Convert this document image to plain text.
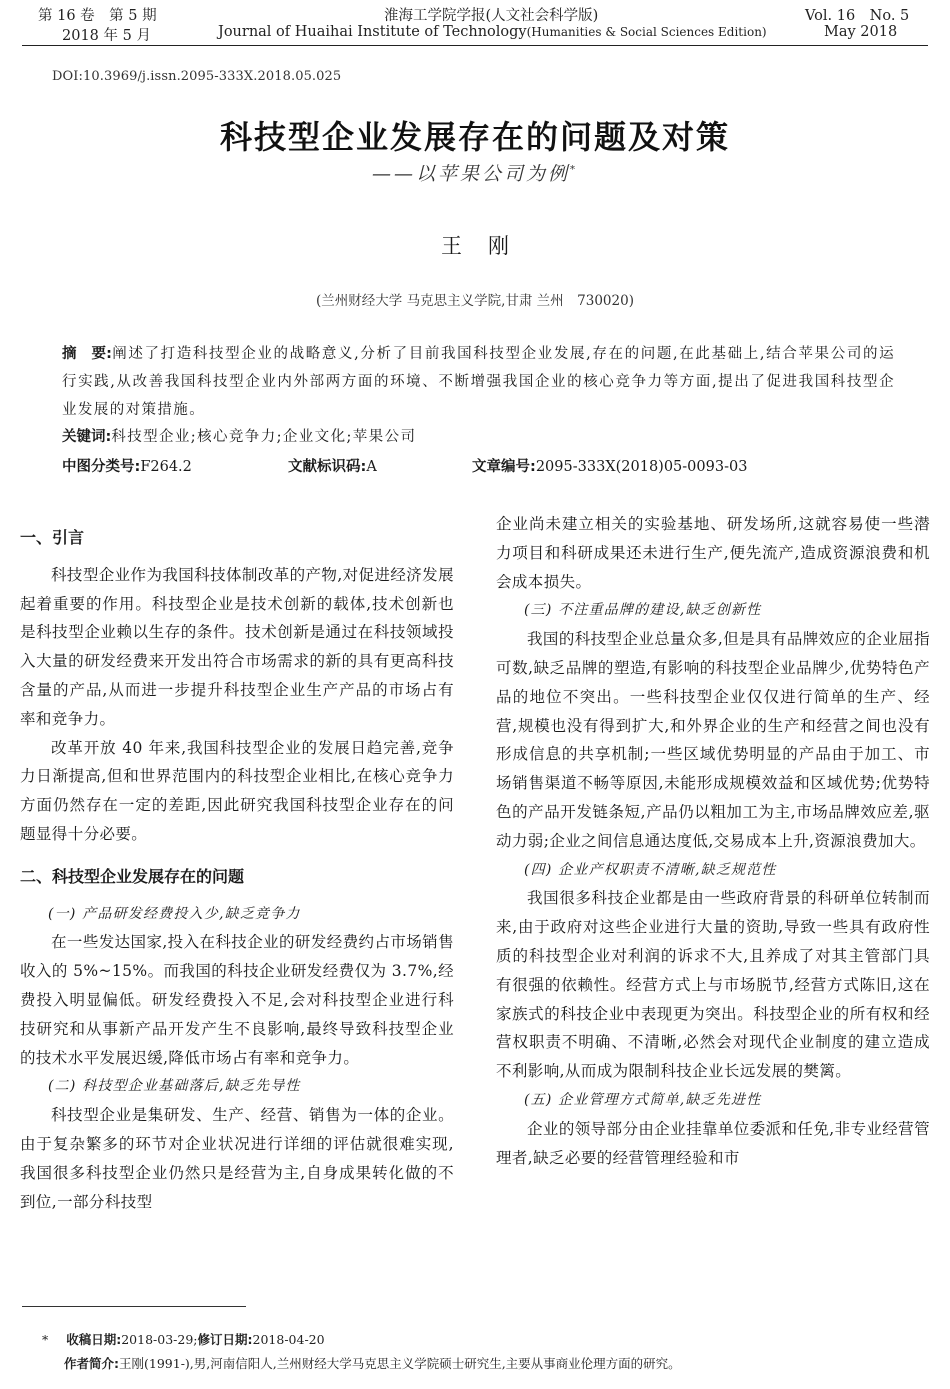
第 16 卷　第 5 期
2018 年 5 月
淮海工学院学报(人文社会科学版)
Journal of Huaihai Institute of Technology(Humanities & Social Sciences Edition)
Vol. 16　No. 5
May 2018
DOI:10.3969/j.issn.2095-333X.2018.05.025
科技型企业发展存在的问题及对策
——以苹果公司为例*
王刚
(兰州财经大学 马克思主义学院,甘肃 兰州　730020)
摘　要:阐述了打造科技型企业的战略意义,分析了目前我国科技型企业发展,存在的问题,在此基础上,结合苹果公司的运行实践,从改善我国科技型企业内外部两方面的环境、不断增强我国企业的核心竞争力等方面,提出了促进我国科技型企业发展的对策措施。
关键词:科技型企业;核心竞争力;企业文化;苹果公司
中图分类号:F264.2	文献标识码:A	文章编号:2095-333X(2018)05-0093-03
一、引言

科技型企业作为我国科技体制改革的产物,对促进经济发展起着重要的作用。科技型企业是技术创新的载体,技术创新也是科技型企业赖以生存的条件。技术创新是通过在科技领域投入大量的研发经费来开发出符合市场需求的新的具有更高科技含量的产品,从而进一步提升科技型企业生产产品的市场占有率和竞争力。

改革开放 40 年来,我国科技型企业的发展日趋完善,竞争力日渐提高,但和世界范围内的科技型企业相比,在核心竞争力方面仍然存在一定的差距,因此研究我国科技型企业存在的问题显得十分必要。

二、科技型企业发展存在的问题
(一) 产品研发经费投入少,缺乏竞争力

在一些发达国家,投入在科技企业的研发经费约占市场销售收入的 5%~15%。而我国的科技企业研发经费仅为 3.7%,经费投入明显偏低。研发经费投入不足,会对科技型企业进行科技研究和从事新产品开发产生不良影响,最终导致科技型企业的技术水平发展迟缓,降低市场占有率和竞争力。

(二) 科技型企业基础落后,缺乏先导性

科技型企业是集研发、生产、经营、销售为一体的企业。由于复杂繁多的环节对企业状况进行详细的评估就很难实现,我国很多科技型企业仍然只是经营为主,自身成果转化做的不到位,一部分科技型

企业尚未建立相关的实验基地、研发场所,这就容易使一些潜力项目和科研成果还未进行生产,便先流产,造成资源浪费和机会成本损失。

(三) 不注重品牌的建设,缺乏创新性

我国的科技型企业总量众多,但是具有品牌效应的企业屈指可数,缺乏品牌的塑造,有影响的科技型企业品牌少,优势特色产品的地位不突出。一些科技型企业仅仅进行简单的生产、经营,规模也没有得到扩大,和外界企业的生产和经营之间也没有形成信息的共享机制;一些区域优势明显的产品由于加工、市场销售渠道不畅等原因,未能形成规模效益和区域优势;优势特色的产品开发链条短,产品仍以粗加工为主,市场品牌效应差,驱动力弱;企业之间信息通达度低,交易成本上升,资源浪费加大。

(四) 企业产权职责不清晰,缺乏规范性

我国很多科技企业都是由一些政府背景的科研单位转制而来,由于政府对这些企业进行大量的资助,导致一些具有政府性质的科技型企业对利润的诉求不大,且养成了对其主管部门具有很强的依赖性。经营方式上与市场脱节,经营方式陈旧,这在家族式的科技企业中表现更为突出。科技型企业的所有权和经营权职责不明确、不清晰,必然会对现代企业制度的建立造成不利影响,从而成为限制科技企业长远发展的樊篱。

(五) 企业管理方式简单,缺乏先进性

企业的领导部分由企业挂靠单位委派和任免,非专业经营管理者,缺乏必要的经营管理经验和市

* 收稿日期:2018-03-29;修订日期:2018-04-20
作者简介:王刚(1991-),男,河南信阳人,兰州财经大学马克思主义学院硕士研究生,主要从事商业伦理方面的研究。
